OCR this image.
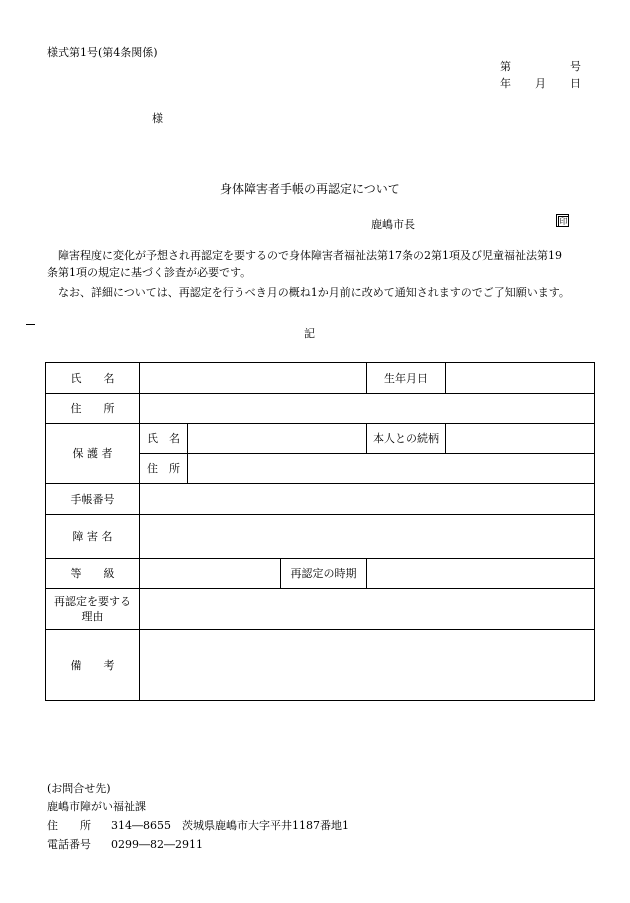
様式第1号(第4条関係)
第	号
年 月 日
様
身体障害者手帳の再認定について
鹿嶋市長	印
障害程度に変化が予想され再認定を要するので身体障害者福祉法第17条の2第1項及び児童福祉法第19
条第1項の規定に基づく診査が必要です。
なお、詳細については、再認定を行うべき月の概ね1か月前に改めて通知されますのでご了知願います。
記
氏　　名				生年月日	
住　　所					
保 護 者	氏　名			本人との続柄	
	住　所				
手帳番号					
障 害 名					
等　　級			再認定の時期		

再認定を要する
理由					

備　　考					
(お問合せ先)
鹿嶋市障がい福祉課
住　　所 314―8655　茨城県鹿嶋市大字平井1187番地1
電話番号 0299―82―2911
